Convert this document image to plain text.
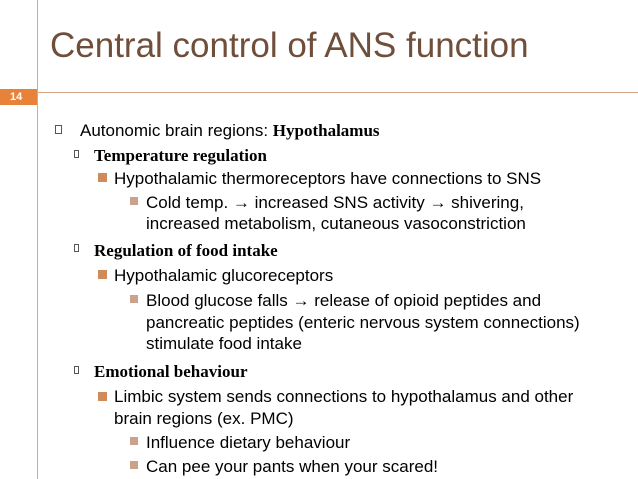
Central control of ANS function
14
Autonomic brain regions: Hypothalamus
Temperature regulation
Hypothalamic thermoreceptors have connections to SNS
Cold temp. → increased SNS activity → shivering,
increased metabolism, cutaneous vasoconstriction
Regulation of food intake
Hypothalamic glucoreceptors
Blood glucose falls → release of opioid peptides and
pancreatic peptides (enteric nervous system connections)
stimulate food intake
Emotional behaviour
Limbic system sends connections to hypothalamus and other
brain regions (ex. PMC)
Influence dietary behaviour
Can pee your pants when your scared!
